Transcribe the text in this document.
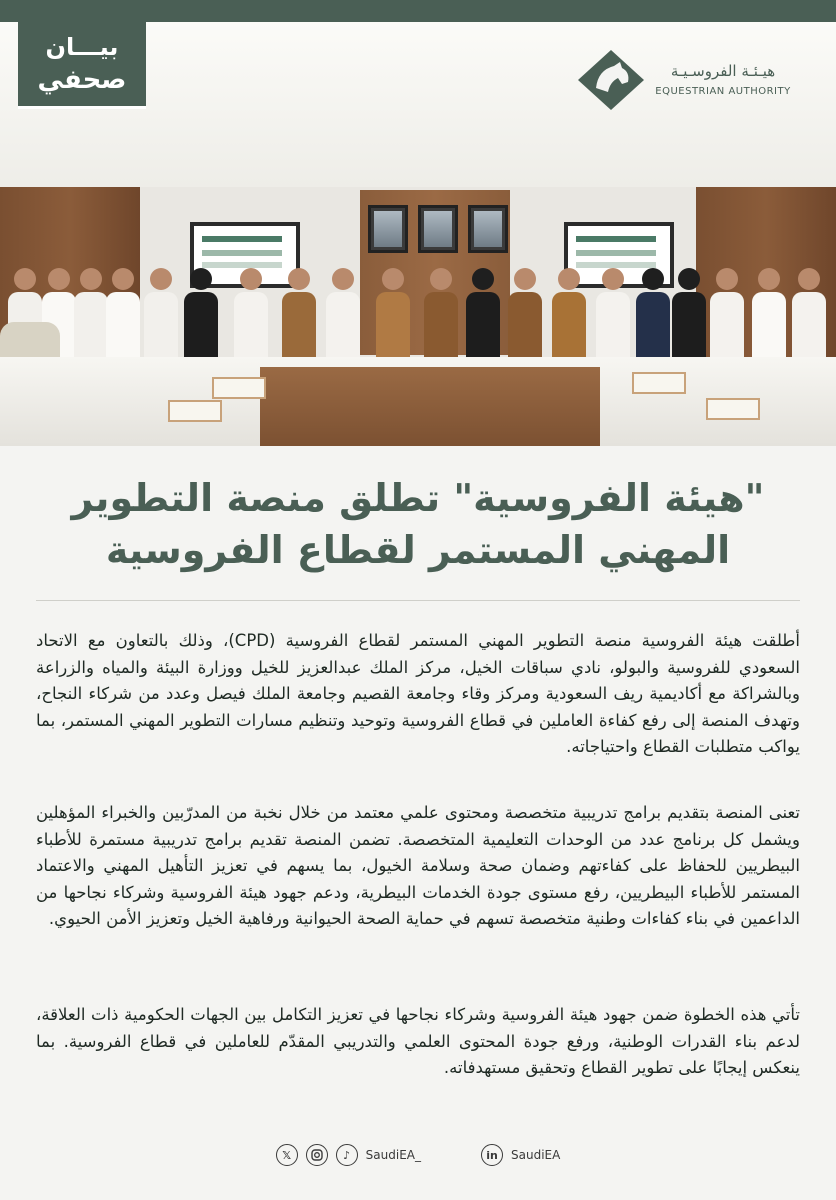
بيـــان
صحفي	هيـئـة الفروسـيـة
EQUESTRIAN AUTHORITY
"هيئة الفروسية" تطلق منصة التطوير
المهني المستمر لقطاع الفروسية

أطلقت هيئة الفروسية منصة التطوير المهني المستمر لقطاع الفروسية (CPD)، وذلك بالتعاون مع الاتحاد السعودي للفروسية والبولو، نادي سباقات الخيل، مركز الملك عبدالعزيز للخيل ووزارة البيئة والمياه والزراعة وبالشراكة مع أكاديمية ريف السعودية ومركز وقاء وجامعة القصيم وجامعة الملك فيصل وعدد من شركاء النجاح، وتهدف المنصة إلى رفع كفاءة العاملين في قطاع الفروسية وتوحيد وتنظيم مسارات التطوير المهني المستمر، بما يواكب متطلبات القطاع واحتياجاته.

تعنى المنصة بتقديم برامج تدريبية متخصصة ومحتوى علمي معتمد من خلال نخبة من المدرّبين والخبراء المؤهلين ويشمل كل برنامج عدد من الوحدات التعليمية المتخصصة. تضمن المنصة تقديم برامج تدريبية مستمرة للأطباء البيطريين للحفاظ على كفاءتهم وضمان صحة وسلامة الخيول، بما يسهم في تعزيز التأهيل المهني والاعتماد المستمر للأطباء البيطريين، رفع مستوى جودة الخدمات البيطرية، ودعم جهود هيئة الفروسية وشركاء نجاحها من الداعمين في بناء كفاءات وطنية متخصصة تسهم في حماية الصحة الحيوانية ورفاهية الخيل وتعزيز الأمن الحيوي.

تأتي هذه الخطوة ضمن جهود هيئة الفروسية وشركاء نجاحها في تعزيز التكامل بين الجهات الحكومية ذات العلاقة، لدعم بناء القدرات الوطنية، ورفع جودة المحتوى العلمي والتدريبي المقدّم للعاملين في قطاع الفروسية. بما ينعكس إيجابًا على تطوير القطاع وتحقيق مستهدفاته.

𝕏	♪	SaudiEA_	in	SaudiEA
